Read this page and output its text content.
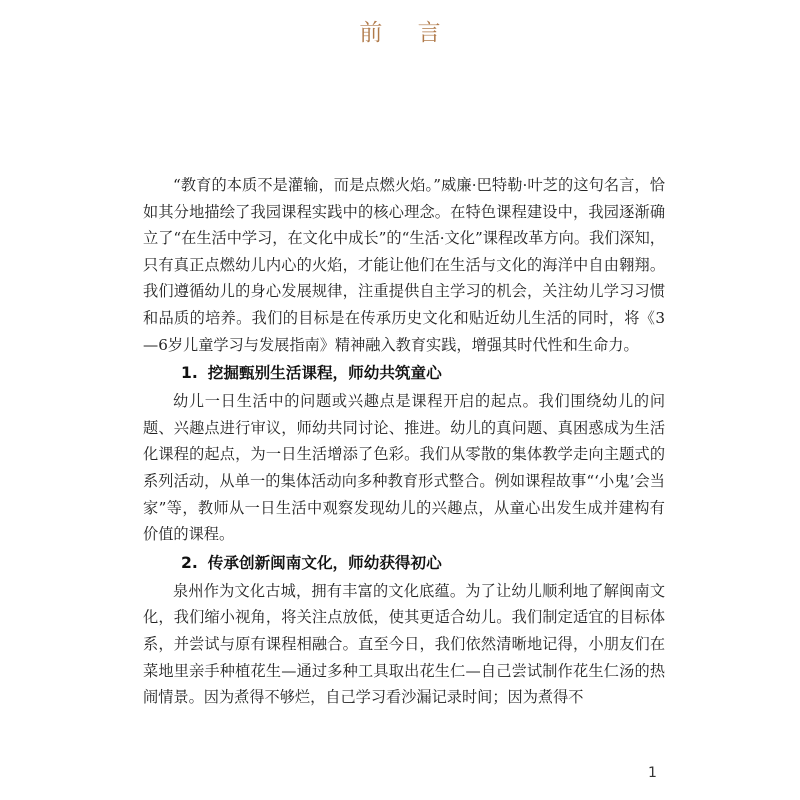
前 言

“教育的本质不是灌输，而是点燃火焰。”威廉·巴特勒·叶芝的这句名言，恰如其分地描绘了我园课程实践中的核心理念。在特色课程建设中，我园逐渐确立了“在生活中学习，在文化中成长”的“生活·文化”课程改革方向。我们深知，只有真正点燃幼儿内心的火焰，才能让他们在生活与文化的海洋中自由翱翔。我们遵循幼儿的身心发展规律，注重提供自主学习的机会，关注幼儿学习习惯和品质的培养。我们的目标是在传承历史文化和贴近幼儿生活的同时，将《3—6岁儿童学习与发展指南》精神融入教育实践，增强其时代性和生命力。

1. 挖掘甄别生活课程，师幼共筑童心

幼儿一日生活中的问题或兴趣点是课程开启的起点。我们围绕幼儿的问题、兴趣点进行审议，师幼共同讨论、推进。幼儿的真问题、真困惑成为生活化课程的起点，为一日生活增添了色彩。我们从零散的集体教学走向主题式的系列活动，从单一的集体活动向多种教育形式整合。例如课程故事“‘小鬼’会当家”等，教师从一日生活中观察发现幼儿的兴趣点，从童心出发生成并建构有价值的课程。

2. 传承创新闽南文化，师幼获得初心

泉州作为文化古城，拥有丰富的文化底蕴。为了让幼儿顺利地了解闽南文化，我们缩小视角，将关注点放低，使其更适合幼儿。我们制定适宜的目标体系，并尝试与原有课程相融合。直至今日，我们依然清晰地记得，小朋友们在菜地里亲手种植花生—通过多种工具取出花生仁—自己尝试制作花生仁汤的热闹情景。因为煮得不够烂，自己学习看沙漏记录时间；因为煮得不

1
